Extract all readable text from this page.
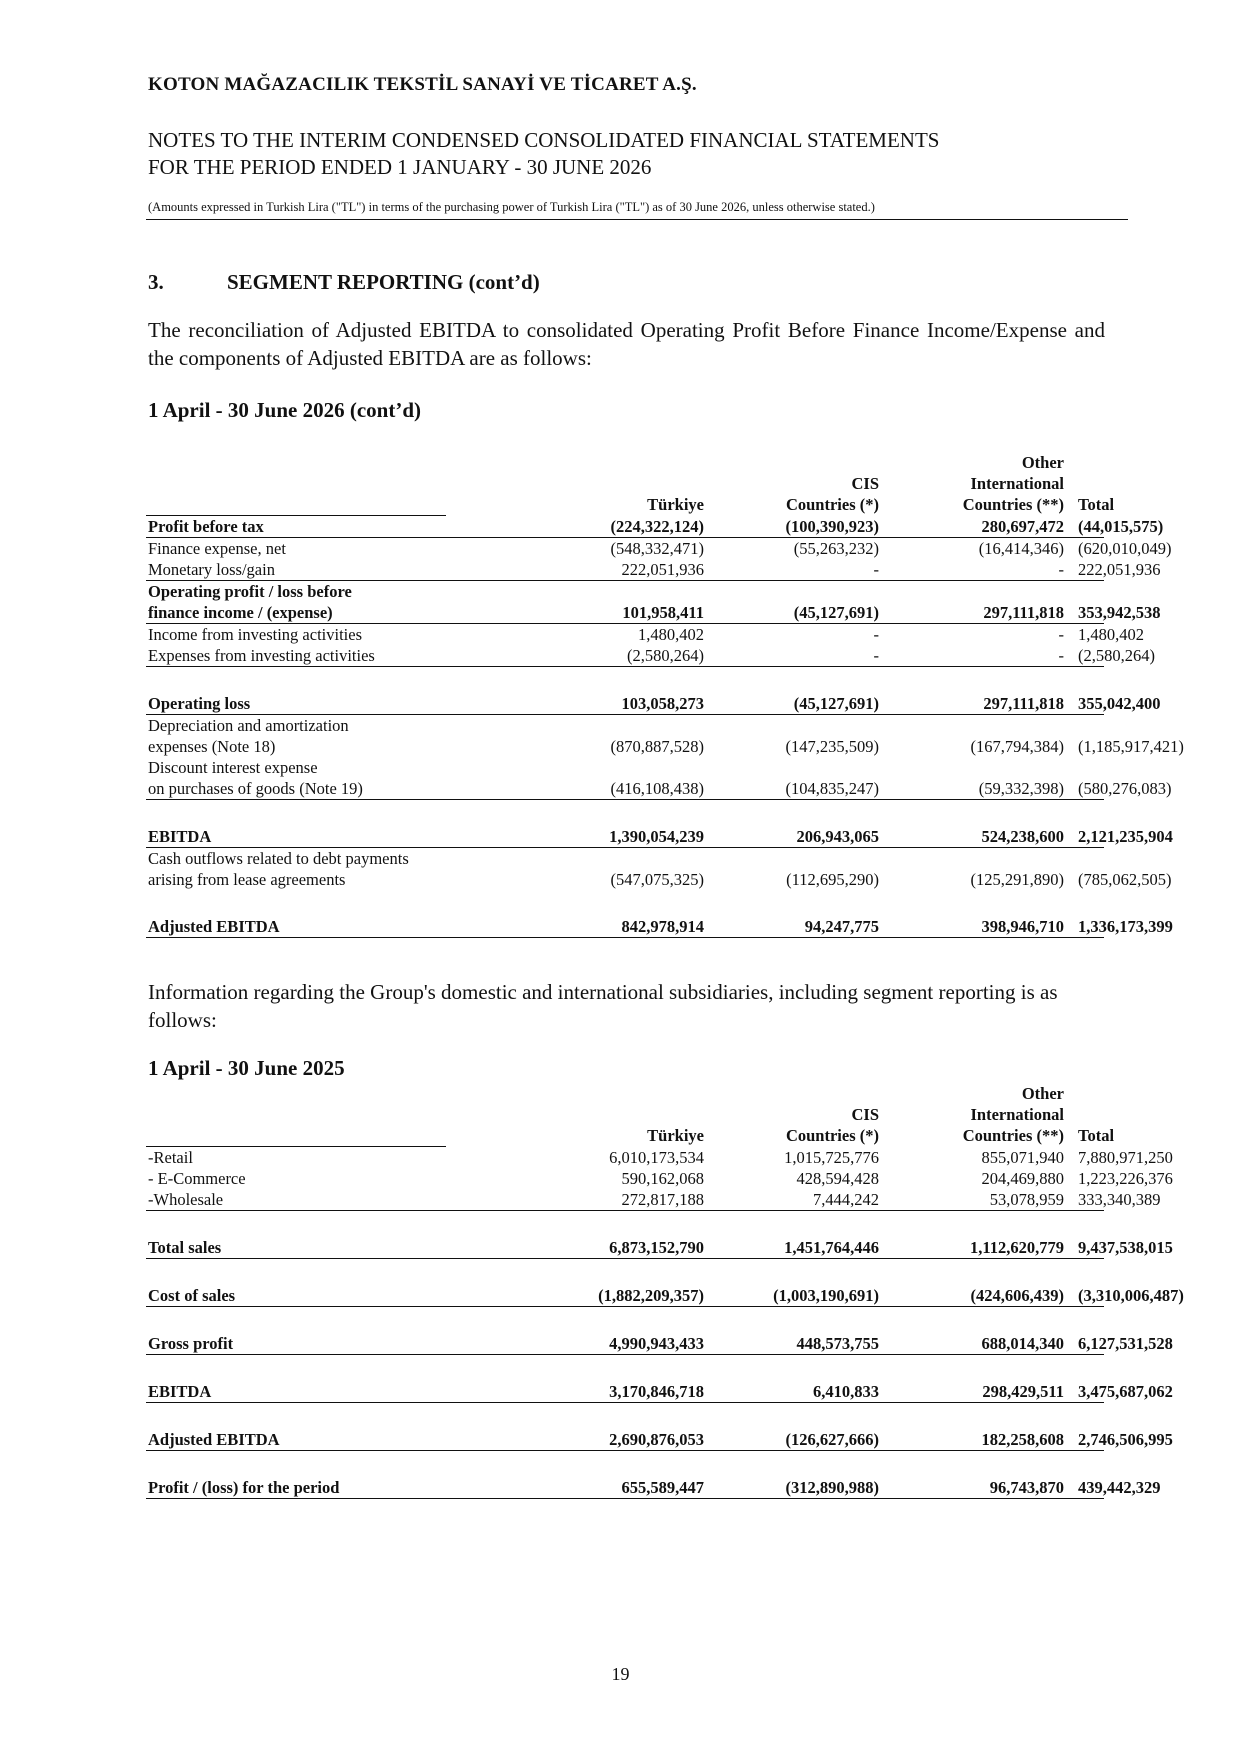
KOTON MAĞAZACILIK TEKSTİL SANAYİ VE TİCARET A.Ş.
NOTES TO THE INTERIM CONDENSED CONSOLIDATED FINANCIAL STATEMENTS
FOR THE PERIOD ENDED 1 JANUARY - 30 JUNE 2026
(Amounts expressed in Turkish Lira ("TL") in terms of the purchasing power of Turkish Lira ("TL") as of 30 June 2026, unless otherwise stated.)
3.	SEGMENT REPORTING (cont’d)
The reconciliation of Adjusted EBITDA to consolidated Operating Profit Before Finance Income/Expense and the components of Adjusted EBITDA are as follows:
1 April - 30 June 2026 (cont’d)
			Other	
		CIS	International	
	Türkiye	Countries (*)	Countries (**)	Total
Profit before tax	(224,322,124)	(100,390,923)	280,697,472	(44,015,575)
Finance expense, net	(548,332,471)	(55,263,232)	(16,414,346)	(620,010,049)
Monetary loss/gain	222,051,936	-	-	222,051,936
Operating profit / loss before				
finance income / (expense)	101,958,411	(45,127,691)	297,111,818	353,942,538
Income from investing activities	1,480,402	-	-	1,480,402
Expenses from investing activities	(2,580,264)	-	-	(2,580,264)

Operating loss	103,058,273	(45,127,691)	297,111,818	355,042,400
Depreciation and amortization				
expenses (Note 18)	(870,887,528)	(147,235,509)	(167,794,384)	(1,185,917,421)
Discount interest expense				
on purchases of goods (Note 19)	(416,108,438)	(104,835,247)	(59,332,398)	(580,276,083)

EBITDA	1,390,054,239	206,943,065	524,238,600	2,121,235,904
Cash outflows related to debt payments				
arising from lease agreements	(547,075,325)	(112,695,290)	(125,291,890)	(785,062,505)

Adjusted EBITDA	842,978,914	94,247,775	398,946,710	1,336,173,399
Information regarding the Group's domestic and international subsidiaries, including segment reporting is as follows:
1 April - 30 June 2025
			Other	
		CIS	International	
	Türkiye	Countries (*)	Countries (**)	Total
-Retail	6,010,173,534	1,015,725,776	855,071,940	7,880,971,250
- E-Commerce	590,162,068	428,594,428	204,469,880	1,223,226,376
-Wholesale	272,817,188	7,444,242	53,078,959	333,340,389

Total sales	6,873,152,790	1,451,764,446	1,112,620,779	9,437,538,015

Cost of sales	(1,882,209,357)	(1,003,190,691)	(424,606,439)	(3,310,006,487)

Gross profit	4,990,943,433	448,573,755	688,014,340	6,127,531,528

EBITDA	3,170,846,718	6,410,833	298,429,511	3,475,687,062

Adjusted EBITDA	2,690,876,053	(126,627,666)	182,258,608	2,746,506,995

Profit / (loss) for the period	655,589,447	(312,890,988)	96,743,870	439,442,329
19
